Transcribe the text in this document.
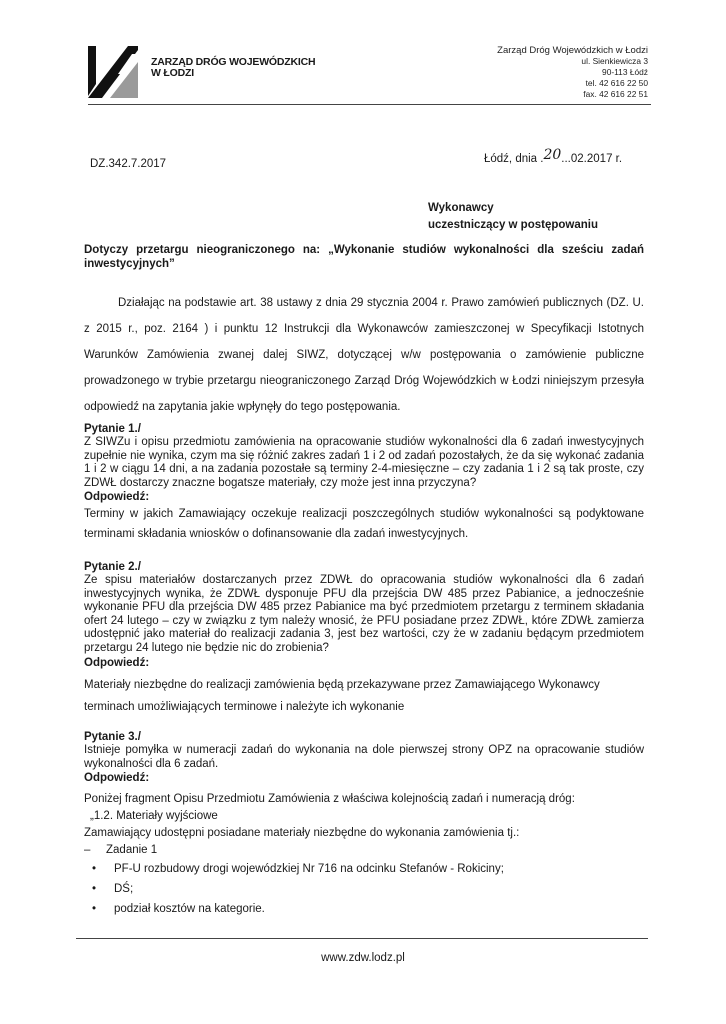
ZARZĄD DRÓG WOJEWÓDZKICH
W ŁODZI
Zarząd Dróg Wojewódzkich w Łodzi
ul. Sienkiewicza 3
90-113 Łódź
tel. 42 616 22 50
fax. 42 616 22 51
DZ.342.7.2017	Łódź, dnia .20...02.2017 r.
Wykonawcy
uczestniczący w postępowaniu
Dotyczy przetargu nieograniczonego na: „Wykonanie studiów wykonalności dla sześciu zadań
inwestycyjnych”
Działając na podstawie art. 38 ustawy z dnia 29 stycznia 2004 r. Prawo zamówień publicznych (DZ. U. z 2015 r., poz. 2164 ) i punktu 12 Instrukcji dla Wykonawców zamieszczonej w Specyfikacji Istotnych Warunków Zamówienia zwanej dalej SIWZ, dotyczącej w/w postępowania o zamówienie publiczne prowadzonego w trybie przetargu nieograniczonego Zarząd Dróg Wojewódzkich w Łodzi niniejszym przesyła odpowiedź na zapytania jakie wpłynęły do tego postępowania.
Pytanie 1./
Z SIWZu i opisu przedmiotu zamówienia na opracowanie studiów wykonalności dla 6 zadań inwestycyjnych zupełnie nie wynika, czym ma się różnić zakres zadań 1 i 2 od zadań pozostałych, że da się wykonać zadania 1 i 2 w ciągu 14 dni, a na zadania pozostałe są terminy 2-4-miesięczne – czy zadania 1 i 2 są tak proste, czy ZDWŁ dostarczy znaczne bogatsze materiały, czy może jest inna przyczyna?
Odpowiedź:
Terminy w jakich Zamawiający oczekuje realizacji poszczególnych studiów wykonalności są podyktowane terminami składania wniosków o dofinansowanie dla zadań inwestycyjnych.
Pytanie 2./
Ze spisu materiałów dostarczanych przez ZDWŁ do opracowania studiów wykonalności dla 6 zadań inwestycyjnych wynika, że ZDWŁ dysponuje PFU dla przejścia DW 485 przez Pabianice, a jednocześnie wykonanie PFU dla przejścia DW 485 przez Pabianice ma być przedmiotem przetargu z terminem składania ofert 24 lutego – czy w związku z tym należy wnosić, że PFU posiadane przez ZDWŁ, które ZDWŁ zamierza udostępnić jako materiał do realizacji zadania 3, jest bez wartości, czy że w zadaniu będącym przedmiotem przetargu 24 lutego nie będzie nic do zrobienia?
Odpowiedź:
Materiały niezbędne do realizacji zamówienia będą przekazywane przez Zamawiającego Wykonawcy terminach umożliwiających terminowe i należyte ich wykonanie
Pytanie 3./
Istnieje pomyłka w numeracji zadań do wykonania na dole pierwszej strony OPZ na opracowanie studiów wykonalności dla 6 zadań.
Odpowiedź:
Poniżej fragment Opisu Przedmiotu Zamówienia z właściwa kolejnością zadań i numeracją dróg:
„1.2. Materiały wyjściowe
Zamawiający udostępni posiadane materiały niezbędne do wykonania zamówienia tj.:
– Zadanie 1
• PF-U rozbudowy drogi wojewódzkiej Nr 716 na odcinku Stefanów - Rokiciny;
• DŚ;
• podział kosztów na kategorie.
www.zdw.lodz.pl
